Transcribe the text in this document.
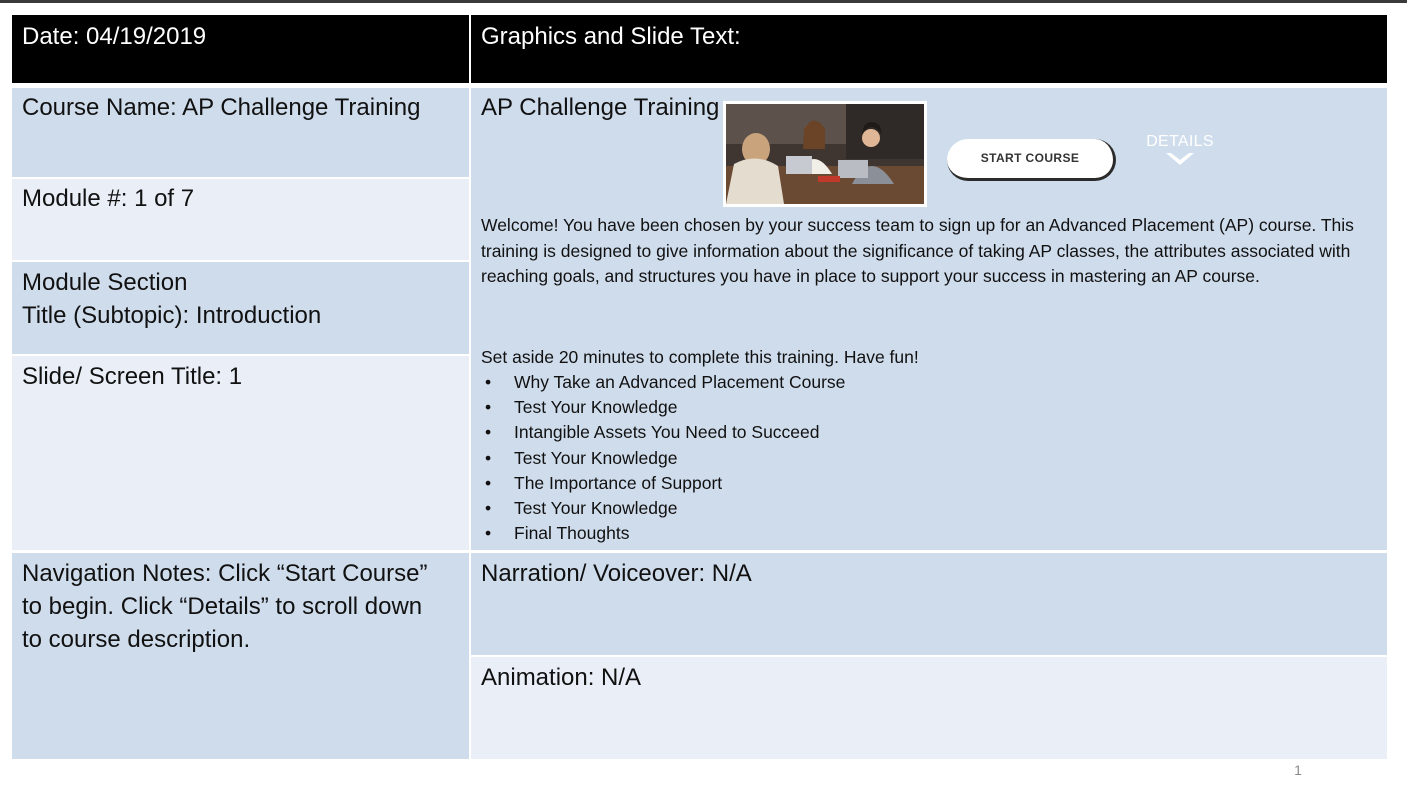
Date: 04/19/2019	Graphics and Slide Text:
Course Name: AP Challenge Training
Module #: 1 of 7
Module Section
Title (Subtopic): Introduction
Slide/ Screen Title: 1
Navigation Notes: Click “Start Course”
to begin. Click “Details” to scroll down
to course description.
AP Challenge Training
START COURSE
DETAILS
Welcome! You have been chosen by your success team to sign up for an Advanced Placement (AP) course. This training is designed to give information about the significance of taking AP classes, the attributes associated with reaching goals, and structures you have in place to support your success in mastering an AP course.
Set aside 20 minutes to complete this training. Have fun!
• Why Take an Advanced Placement Course
• Test Your Knowledge
• Intangible Assets You Need to Succeed
• Test Your Knowledge
• The Importance of Support
• Test Your Knowledge
• Final Thoughts
Narration/ Voiceover: N/A
Animation: N/A
1
